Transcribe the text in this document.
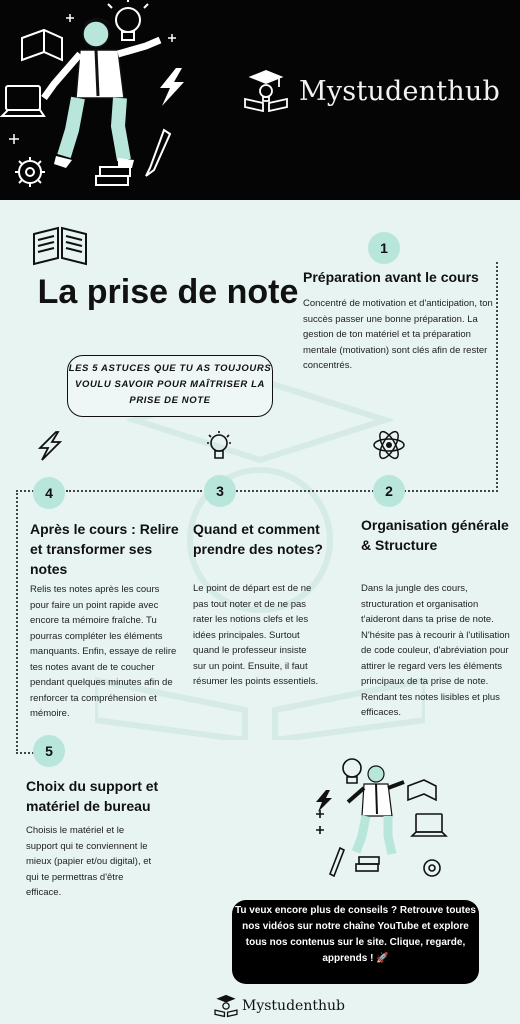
Mystudenthub
La prise de note
LES 5 ASTUCES QUE TU AS TOUJOURS VOULU SAVOIR POUR MAÎTRISER LA PRISE DE NOTE
1
2
3
4
5
Préparation avant le cours
Concentré de motivation et d'anticipation, ton succès passer une bonne préparation. La gestion de ton matériel et ta préparation mentale (motivation) sont clés afin de rester concentrés.
Organisation générale & Structure
Dans la jungle des cours, structuration et organisation t'aideront dans ta prise de note. N'hésite pas à recourir à l'utilisation de code couleur, d'abréviation pour attirer le regard vers les éléments principaux de ta prise de note. Rendant tes notes lisibles et plus efficaces.
Quand et comment prendre des notes?
Le point de départ est de ne pas tout noter et de ne pas rater les notions clefs et les idées principales. Surtout quand le professeur insiste sur un point. Ensuite, il faut résumer les points essentiels.
Après le cours : Relire et transformer ses notes
Relis tes notes après les cours pour faire un point rapide avec encore ta mémoire fraîche. Tu pourras compléter les éléments manquants. Enfin, essaye de relire tes notes avant de te coucher pendant quelques minutes afin de renforcer ta compréhension et mémoire.
Choix du support et matériel de bureau
Choisis le matériel et le support qui te conviennent le mieux (papier et/ou digital), et qui te permettras d'être efficace.
Tu veux encore plus de conseils ? Retrouve toutes nos vidéos sur notre chaîne YouTube et explore tous nos contenus sur le site. Clique, regarde, apprends ! 🚀
Mystudenthub
